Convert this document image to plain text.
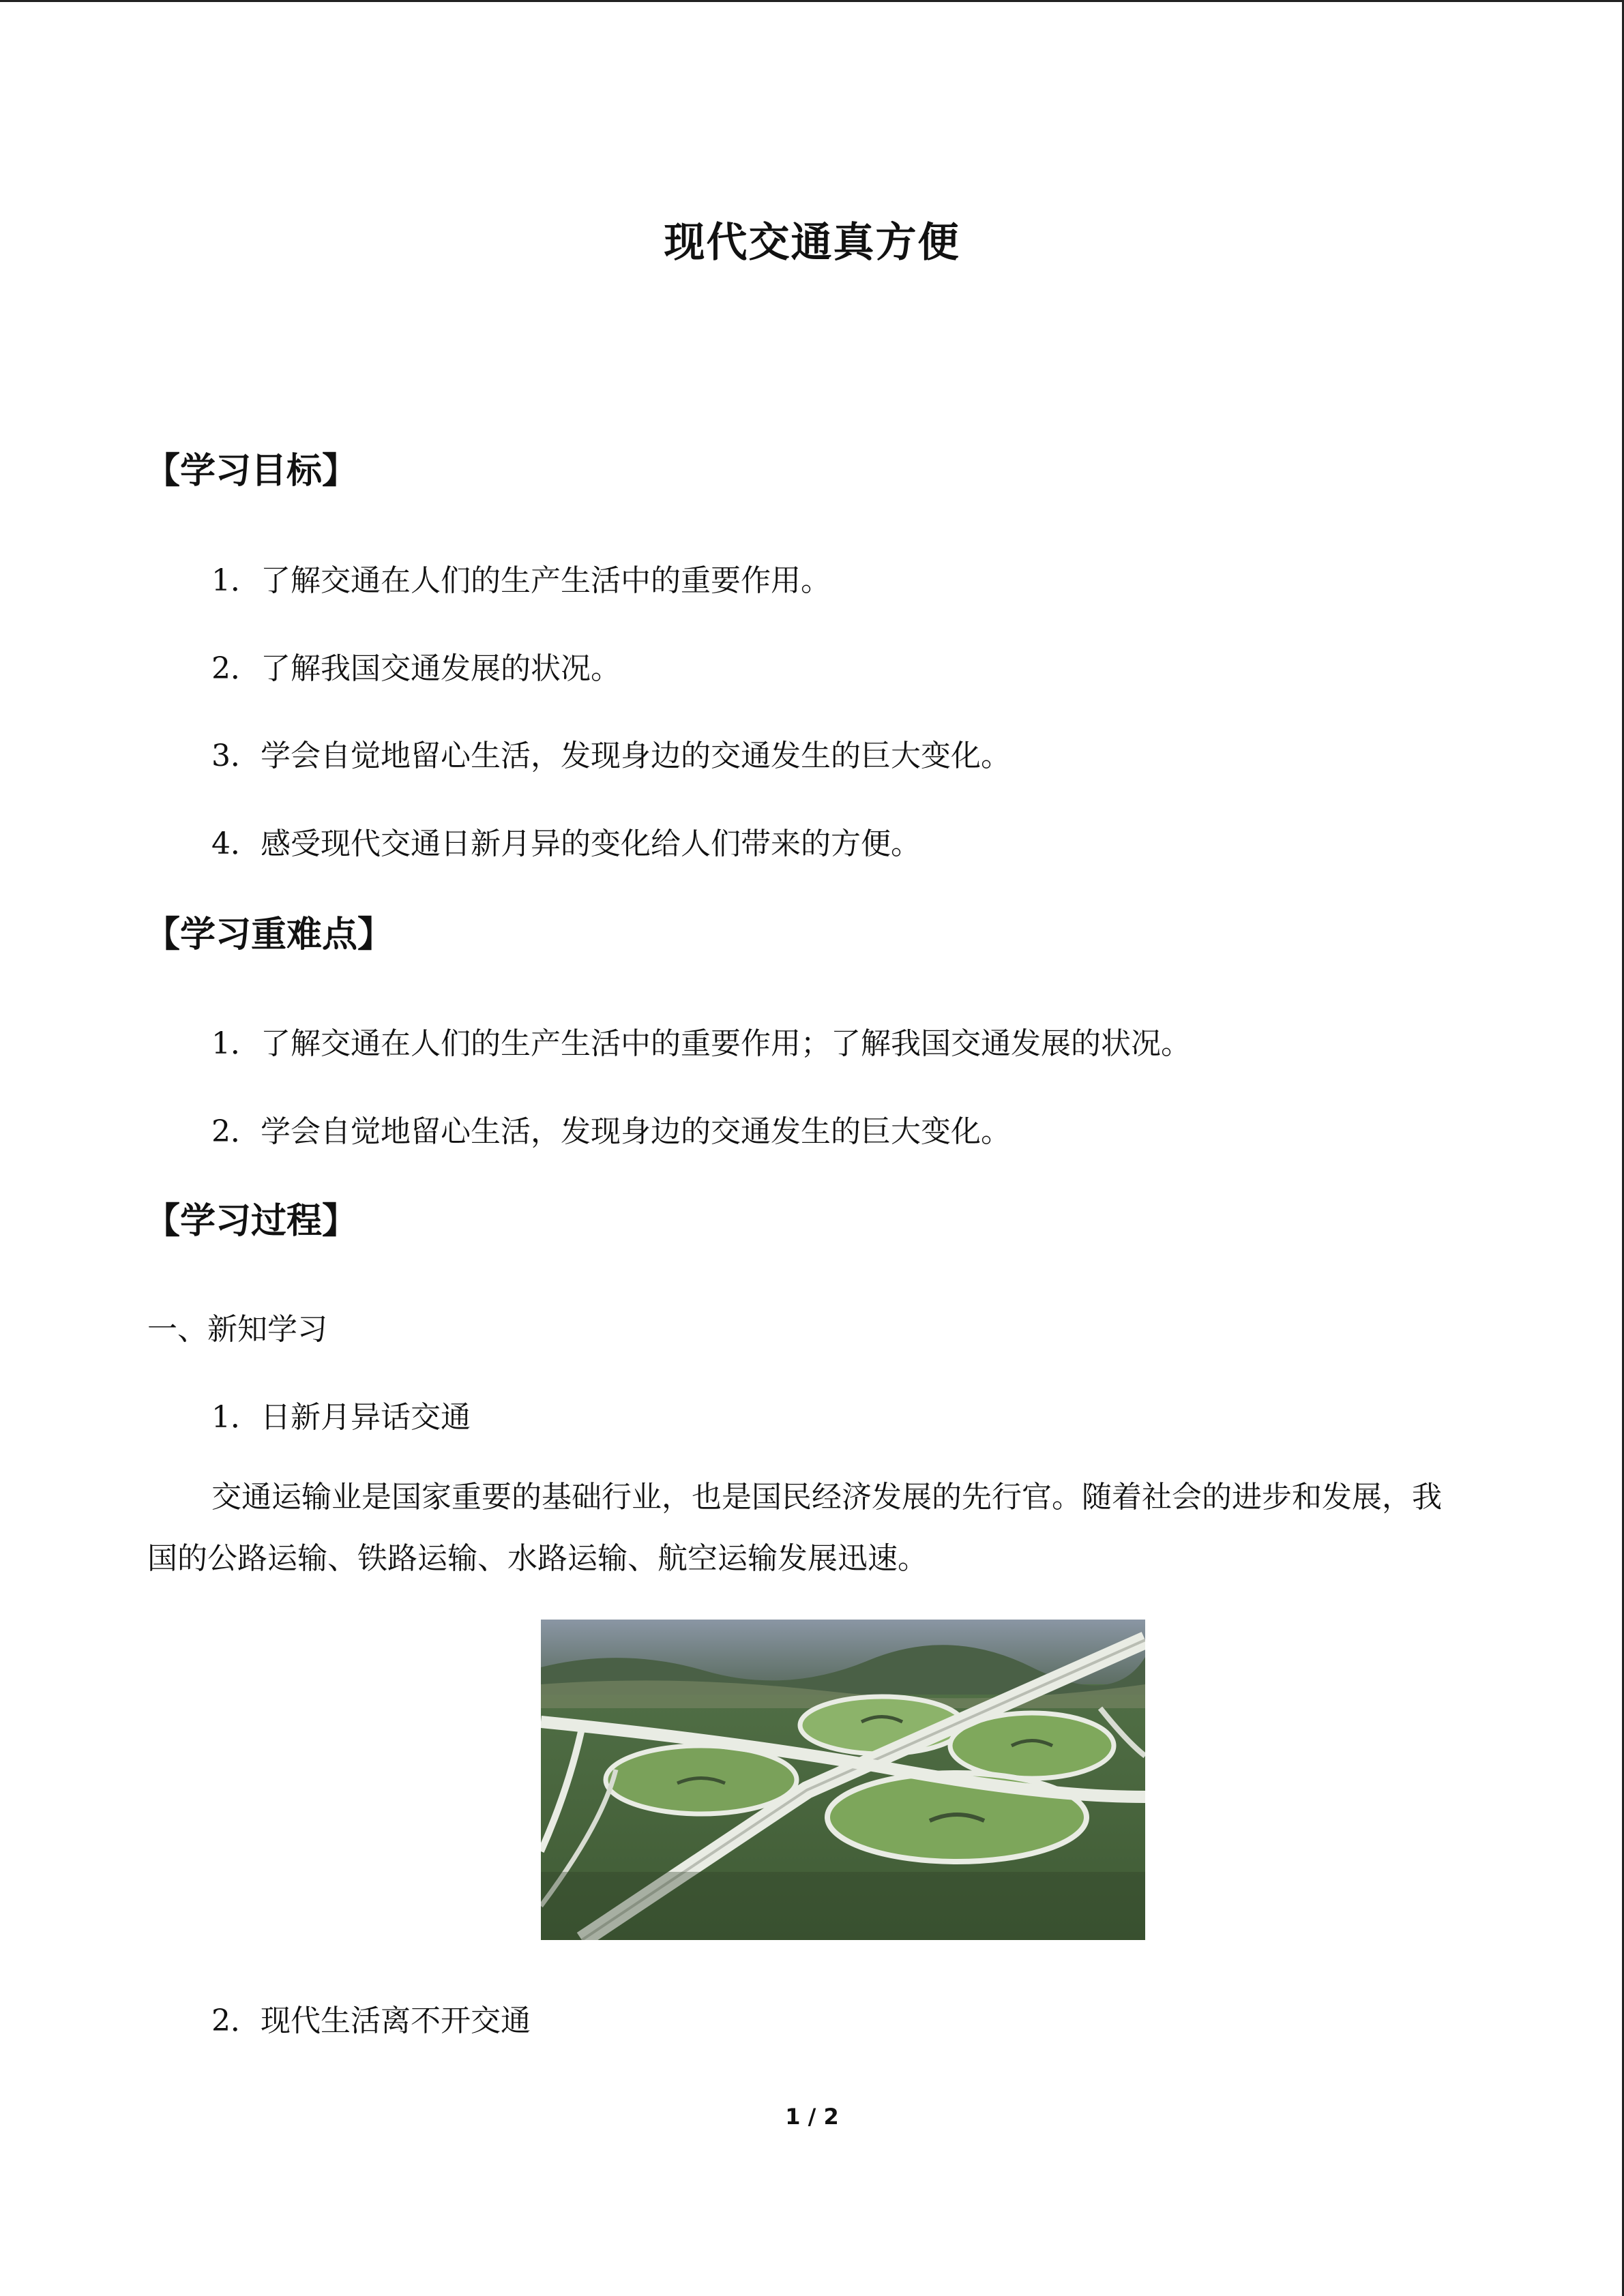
现代交通真方便
【学习目标】
1．了解交通在人们的生产生活中的重要作用。
2．了解我国交通发展的状况。
3．学会自觉地留心生活，发现身边的交通发生的巨大变化。
4．感受现代交通日新月异的变化给人们带来的方便。
【学习重难点】
1．了解交通在人们的生产生活中的重要作用；了解我国交通发展的状况。
2．学会自觉地留心生活，发现身边的交通发生的巨大变化。
【学习过程】
一、新知学习
1．日新月异话交通
交通运输业是国家重要的基础行业，也是国民经济发展的先行官。随着社会的进步和发展，我国的公路运输、铁路运输、水路运输、航空运输发展迅速。
2．现代生活离不开交通
1 / 2
